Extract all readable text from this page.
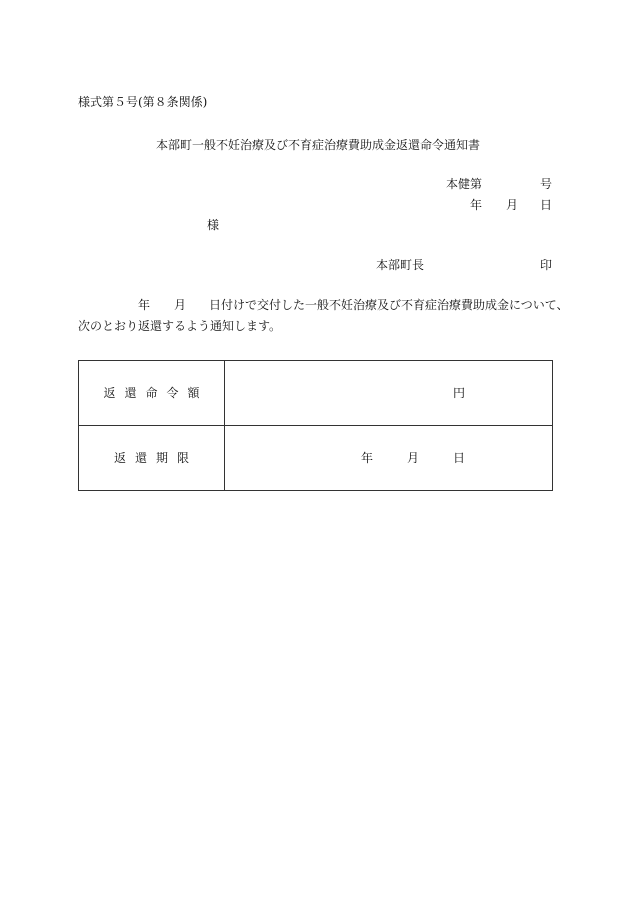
様式第５号(第８条関係)
本部町一般不妊治療及び不育症治療費助成金返還命令通知書
本健第	号
年 月 日
様
本部町長	印
年 月 日付けで交付した一般不妊治療及び不育症治療費助成金について、
次のとおり返還するよう通知します。
返還命令額	円

返還期限	年 月 日
